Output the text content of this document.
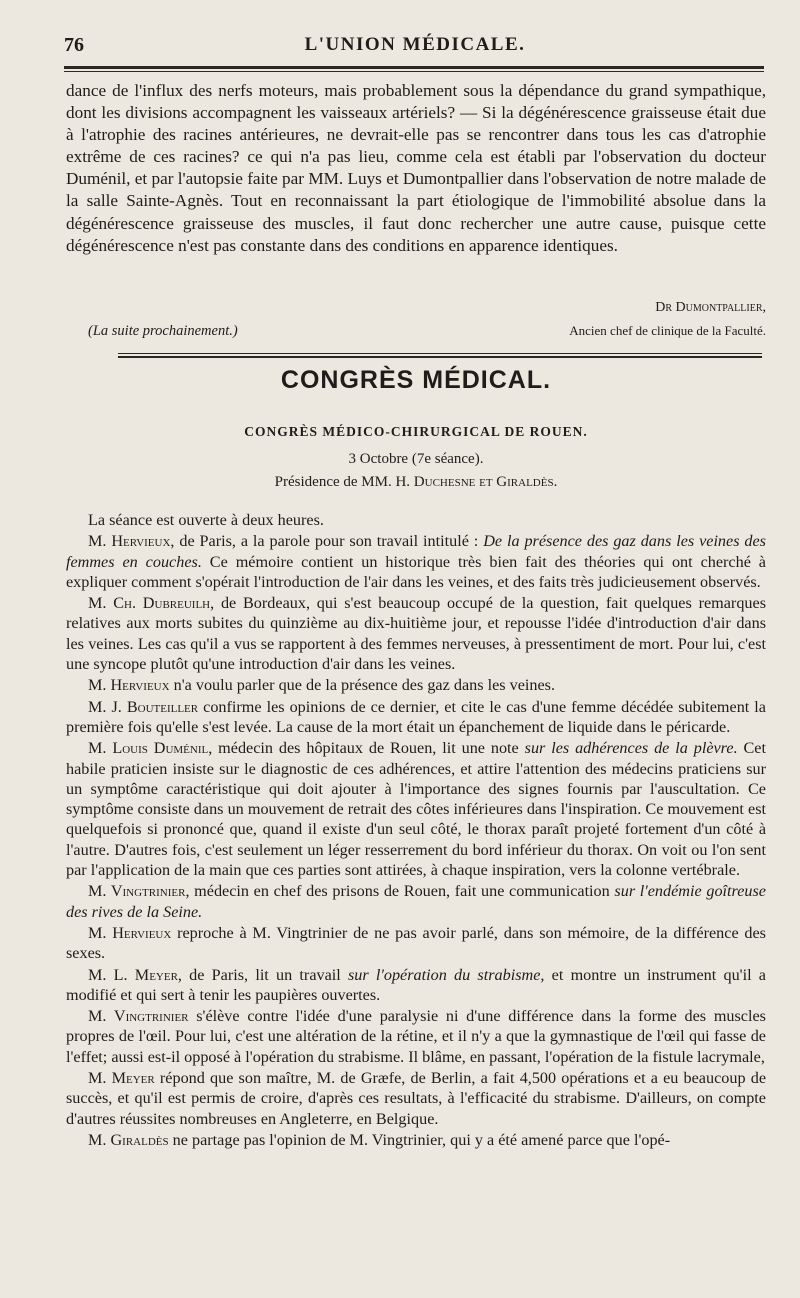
76	L'UNION MÉDICALE.

dance de l'influx des nerfs moteurs, mais probablement sous la dépendance du grand sympathique, dont les divisions accompagnent les vaisseaux artériels? — Si la dégénérescence graisseuse était due à l'atrophie des racines antérieures, ne devrait-elle pas se rencontrer dans tous les cas d'atrophie extrême de ces racines? ce qui n'a pas lieu, comme cela est établi par l'observation du docteur Duménil, et par l'autopsie faite par MM. Luys et Dumontpallier dans l'observation de notre malade de la salle Sainte-Agnès. Tout en reconnaissant la part étiologique de l'immobilité absolue dans la dégénérescence graisseuse des muscles, il faut donc rechercher une autre cause, puisque cette dégénérescence n'est pas constante dans des conditions en apparence identiques.

Dr Dumontpallier,
(La suite prochainement.)	Ancien chef de clinique de la Faculté.
CONGRÈS MÉDICAL.
CONGRÈS MÉDICO-CHIRURGICAL DE ROUEN.
3 Octobre (7e séance).
Présidence de MM. H. Duchesne et Giraldès.

La séance est ouverte à deux heures.

M. Hervieux, de Paris, a la parole pour son travail intitulé : De la présence des gaz dans les veines des femmes en couches. Ce mémoire contient un historique très bien fait des théories qui ont cherché à expliquer comment s'opérait l'introduction de l'air dans les veines, et des faits très judicieusement observés.

M. Ch. Dubreuilh, de Bordeaux, qui s'est beaucoup occupé de la question, fait quelques remarques relatives aux morts subites du quinzième au dix-huitième jour, et repousse l'idée d'introduction d'air dans les veines. Les cas qu'il a vus se rapportent à des femmes nerveuses, à pressentiment de mort. Pour lui, c'est une syncope plutôt qu'une introduction d'air dans les veines.

M. Hervieux n'a voulu parler que de la présence des gaz dans les veines.

M. J. Bouteiller confirme les opinions de ce dernier, et cite le cas d'une femme décédée subitement la première fois qu'elle s'est levée. La cause de la mort était un épanchement de liquide dans le péricarde.

M. Louis Duménil, médecin des hôpitaux de Rouen, lit une note sur les adhérences de la plèvre. Cet habile praticien insiste sur le diagnostic de ces adhérences, et attire l'attention des médecins praticiens sur un symptôme caractéristique qui doit ajouter à l'importance des signes fournis par l'auscultation. Ce symptôme consiste dans un mouvement de retrait des côtes inférieures dans l'inspiration. Ce mouvement est quelquefois si prononcé que, quand il existe d'un seul côté, le thorax paraît projeté fortement d'un côté à l'autre. D'autres fois, c'est seulement un léger resserrement du bord inférieur du thorax. On voit ou l'on sent par l'application de la main que ces parties sont attirées, à chaque inspiration, vers la colonne vertébrale.

M. Vingtrinier, médecin en chef des prisons de Rouen, fait une communication sur l'endémie goîtreuse des rives de la Seine.

M. Hervieux reproche à M. Vingtrinier de ne pas avoir parlé, dans son mémoire, de la différence des sexes.

M. L. Meyer, de Paris, lit un travail sur l'opération du strabisme, et montre un instrument qu'il a modifié et qui sert à tenir les paupières ouvertes.

M. Vingtrinier s'élève contre l'idée d'une paralysie ni d'une différence dans la forme des muscles propres de l'œil. Pour lui, c'est une altération de la rétine, et il n'y a que la gymnastique de l'œil qui fasse de l'effet; aussi est-il opposé à l'opération du strabisme. Il blâme, en passant, l'opération de la fistule lacrymale,

M. Meyer répond que son maître, M. de Græfe, de Berlin, a fait 4,500 opérations et a eu beaucoup de succès, et qu'il est permis de croire, d'après ces resultats, à l'efficacité du strabisme. D'ailleurs, on compte d'autres réussites nombreuses en Angleterre, en Belgique.

M. Giraldès ne partage pas l'opinion de M. Vingtrinier, qui y a été amené parce que l'opé-
